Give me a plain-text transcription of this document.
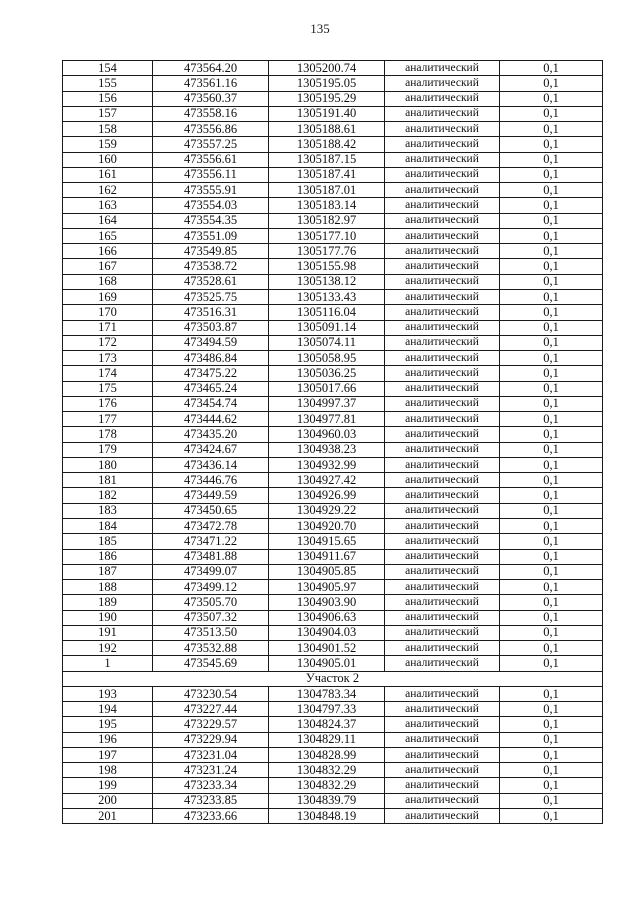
135
154	473564.20	1305200.74	аналитический	0,1
155	473561.16	1305195.05	аналитический	0,1
156	473560.37	1305195.29	аналитический	0,1
157	473558.16	1305191.40	аналитический	0,1
158	473556.86	1305188.61	аналитический	0,1
159	473557.25	1305188.42	аналитический	0,1
160	473556.61	1305187.15	аналитический	0,1
161	473556.11	1305187.41	аналитический	0,1
162	473555.91	1305187.01	аналитический	0,1
163	473554.03	1305183.14	аналитический	0,1
164	473554.35	1305182.97	аналитический	0,1
165	473551.09	1305177.10	аналитический	0,1
166	473549.85	1305177.76	аналитический	0,1
167	473538.72	1305155.98	аналитический	0,1
168	473528.61	1305138.12	аналитический	0,1
169	473525.75	1305133.43	аналитический	0,1
170	473516.31	1305116.04	аналитический	0,1
171	473503.87	1305091.14	аналитический	0,1
172	473494.59	1305074.11	аналитический	0,1
173	473486.84	1305058.95	аналитический	0,1
174	473475.22	1305036.25	аналитический	0,1
175	473465.24	1305017.66	аналитический	0,1
176	473454.74	1304997.37	аналитический	0,1
177	473444.62	1304977.81	аналитический	0,1
178	473435.20	1304960.03	аналитический	0,1
179	473424.67	1304938.23	аналитический	0,1
180	473436.14	1304932.99	аналитический	0,1
181	473446.76	1304927.42	аналитический	0,1
182	473449.59	1304926.99	аналитический	0,1
183	473450.65	1304929.22	аналитический	0,1
184	473472.78	1304920.70	аналитический	0,1
185	473471.22	1304915.65	аналитический	0,1
186	473481.88	1304911.67	аналитический	0,1
187	473499.07	1304905.85	аналитический	0,1
188	473499.12	1304905.97	аналитический	0,1
189	473505.70	1304903.90	аналитический	0,1
190	473507.32	1304906.63	аналитический	0,1
191	473513.50	1304904.03	аналитический	0,1
192	473532.88	1304901.52	аналитический	0,1
1	473545.69	1304905.01	аналитический	0,1
Участок 2				
193	473230.54	1304783.34	аналитический	0,1
194	473227.44	1304797.33	аналитический	0,1
195	473229.57	1304824.37	аналитический	0,1
196	473229.94	1304829.11	аналитический	0,1
197	473231.04	1304828.99	аналитический	0,1
198	473231.24	1304832.29	аналитический	0,1
199	473233.34	1304832.29	аналитический	0,1
200	473233.85	1304839.79	аналитический	0,1
201	473233.66	1304848.19	аналитический	0,1
